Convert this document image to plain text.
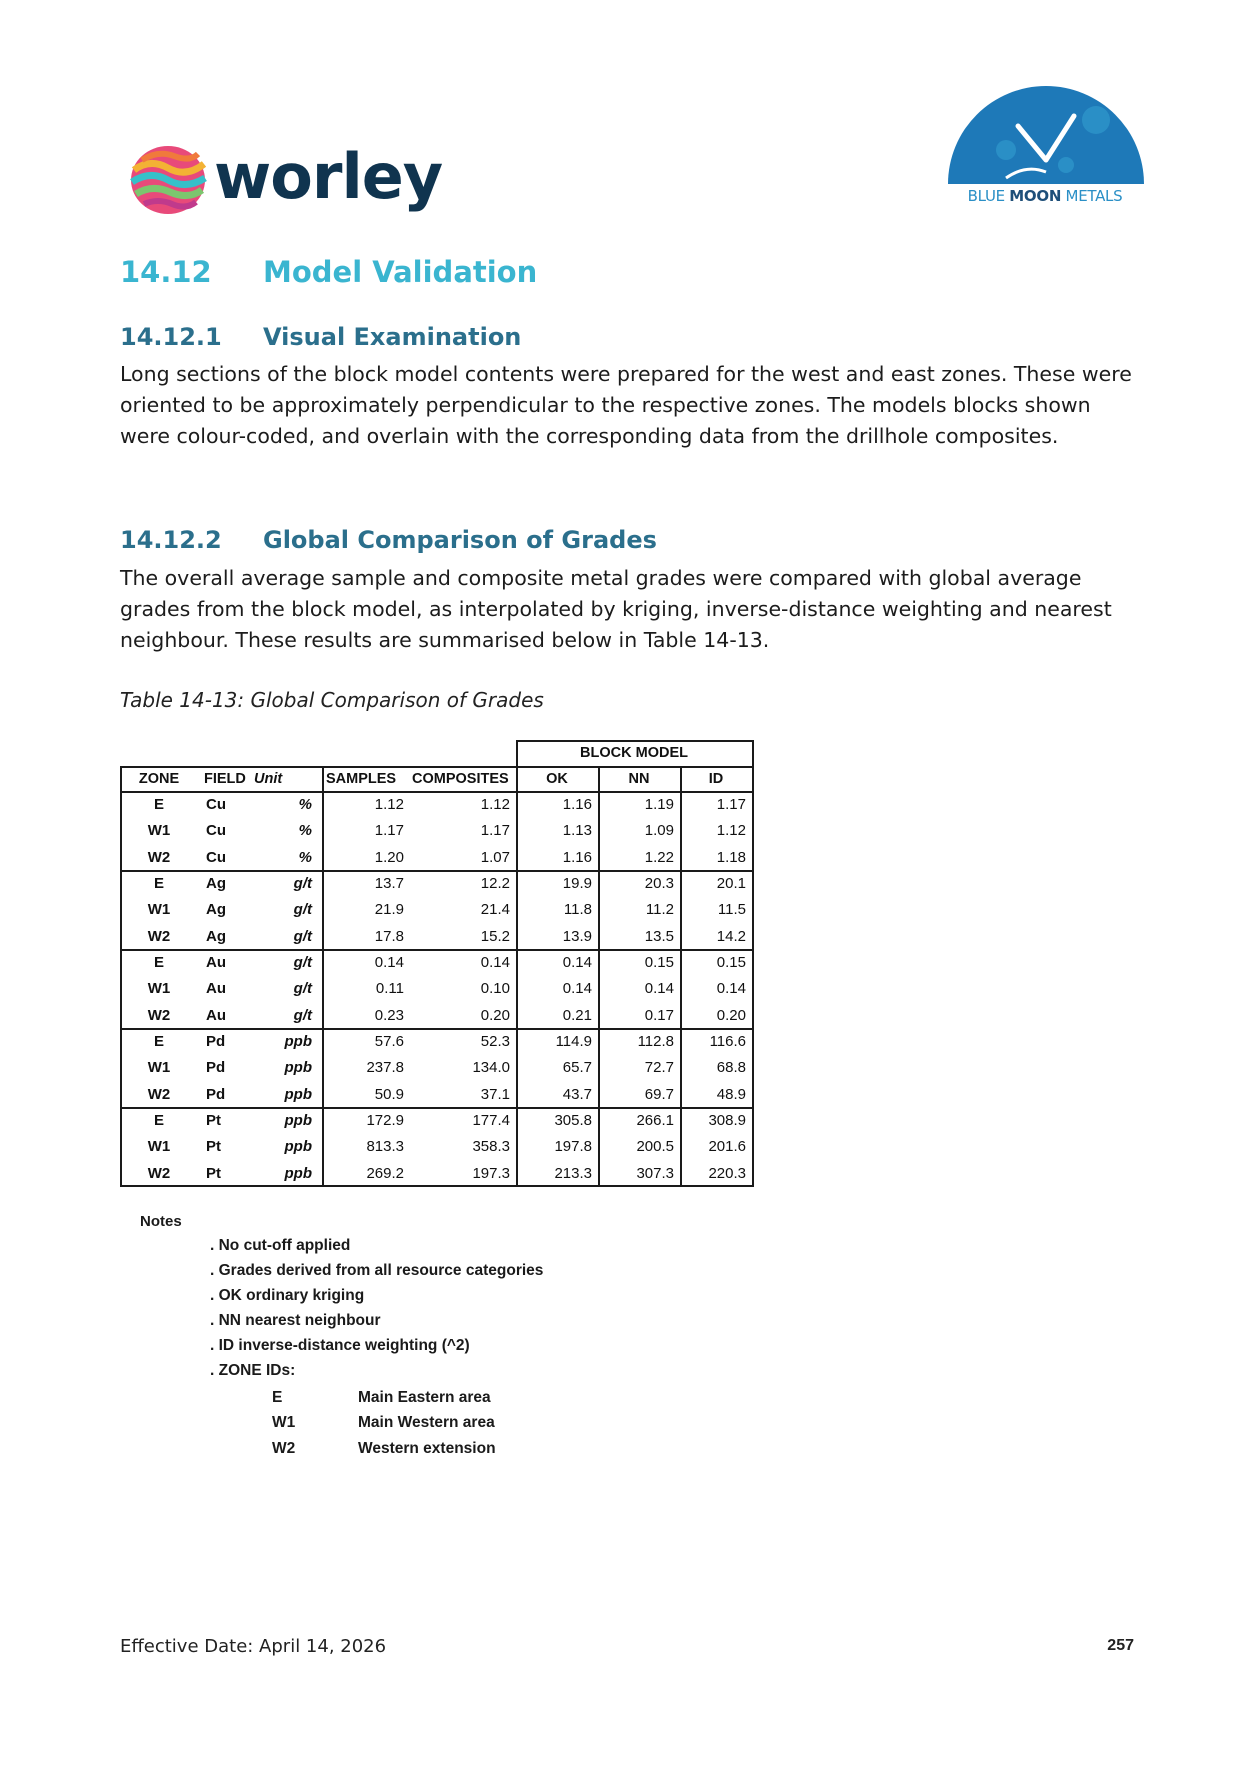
worley	BLUE MOON METALS
14.12 Model Validation
14.12.1 Visual Examination

Long sections of the block model contents were prepared for the west and east zones. These were oriented to be approximately perpendicular to the respective zones. The models blocks shown were colour-coded, and overlain with the corresponding data from the drillhole composites.

14.12.2 Global Comparison of Grades

The overall average sample and composite metal grades were compared with global average grades from the block model, as interpolated by kriging, inverse-distance weighting and nearest neighbour. These results are summarised below in Table 14-13.

Table 14-13: Global Comparison of Grades
BLOCK MODEL
ZONE	FIELD Unit	SAMPLES	COMPOSITES	OK	NN	ID
E	Cu	%	1.12	1.12	1.16	1.19	1.17
W1	Cu	%	1.17	1.17	1.13	1.09	1.12
W2	Cu	%	1.20	1.07	1.16	1.22	1.18
E	Ag	g/t	13.7	12.2	19.9	20.3	20.1
W1	Ag	g/t	21.9	21.4	11.8	11.2	11.5
W2	Ag	g/t	17.8	15.2	13.9	13.5	14.2
E	Au	g/t	0.14	0.14	0.14	0.15	0.15
W1	Au	g/t	0.11	0.10	0.14	0.14	0.14
W2	Au	g/t	0.23	0.20	0.21	0.17	0.20
E	Pd	ppb	57.6	52.3	114.9	112.8	116.6
W1	Pd	ppb	237.8	134.0	65.7	72.7	68.8
W2	Pd	ppb	50.9	37.1	43.7	69.7	48.9
E	Pt	ppb	172.9	177.4	305.8	266.1	308.9
W1	Pt	ppb	813.3	358.3	197.8	200.5	201.6
W2	Pt	ppb	269.2	197.3	213.3	307.3	220.3
Notes
. No cut-off applied
. Grades derived from all resource categories
. OK ordinary kriging
. NN nearest neighbour
. ID inverse-distance weighting (^2)
. ZONE IDs:
E	Main Eastern area
W1	Main Western area
W2	Western extension
Effective Date: April 14, 2026	257
